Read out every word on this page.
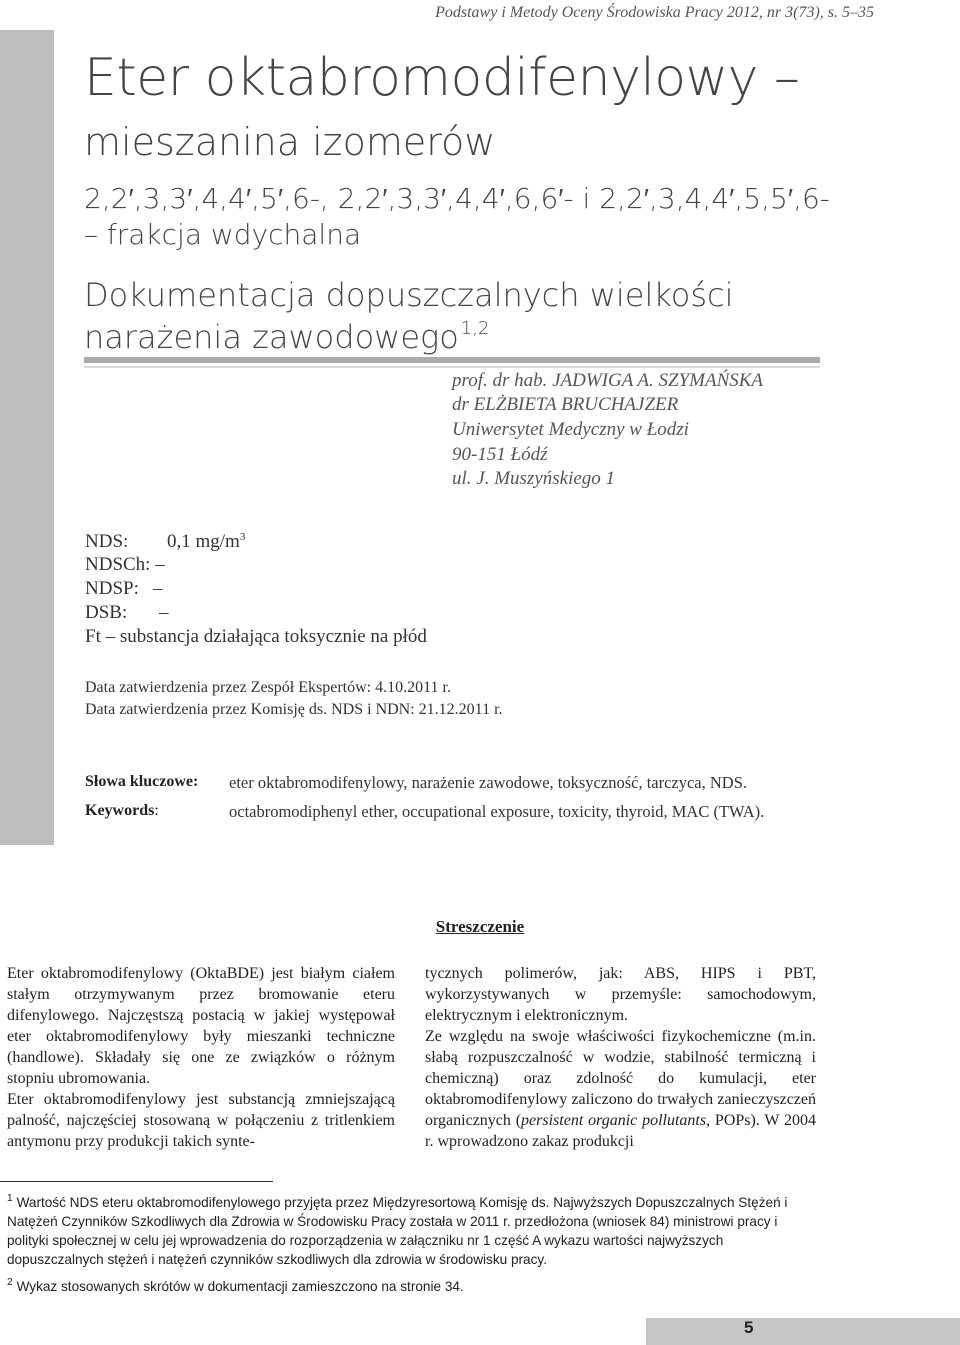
Podstawy i Metody Oceny Środowiska Pracy 2012, nr 3(73), s. 5–35
Eter oktabromodifenylowy –
mieszanina izomerów
2,2′,3,3′,4,4′,5′,6-, 2,2′,3,3′,4,4′,6,6′- i 2,2′,3,4,4′,5,5′,6-
– frakcja wdychalna
Dokumentacja dopuszczalnych wielkości
narażenia zawodowego $^{1,2}$
prof. dr hab. JADWIGA A. SZYMAŃSKA
dr ELŻBIETA BRUCHAJZER
Uniwersytet Medyczny w Łodzi
90-151 Łódź
ul. J. Muszyńskiego 1
NDS: 0,1 $mg/m^3$
NDSCh: –
NDSP: –
DSB: –
Ft – substancja działająca toksycznie na płód
Data zatwierdzenia przez Zespół Ekspertów: 4.10.2011 r.
Data zatwierdzenia przez Komisję ds. NDS i NDN: 21.12.2011 r.
Słowa kluczowe: eter oktabromodifenylowy, narażenie zawodowe, toksyczność, tarczyca, NDS.
Keywords:	octabromodiphenyl ether, occupational exposure, toxicity, thyroid, MAC (TWA).
Streszczenie

Eter oktabromodifenylowy (OktaBDE) jest białym ciałem stałym otrzymywanym przez bromowanie eteru difenylowego. Najczęstszą postacią w jakiej występował eter oktabromodifenylowy były mieszanki techniczne (handlowe). Składały się one ze związków o różnym stopniu ubromowania.

Eter oktabromodifenylowy jest substancją zmniejszającą palność, najczęściej stosowaną w połączeniu z tritlenkiem antymonu przy produkcji takich synte-

tycznych polimerów, jak: ABS, HIPS i PBT, wykorzystywanych w przemyśle: samochodowym, elektrycznym i elektronicznym.

Ze względu na swoje właściwości fizykochemiczne (m.in. słabą rozpuszczalność w wodzie, stabilność termiczną i chemiczną) oraz zdolność do kumulacji, eter oktabromodifenylowy zaliczono do trwałych zanieczyszczeń organicznych (persistent organic pollutants, POPs). W 2004 r. wprowadzono zakaz produkcji

$^1$ Wartość NDS eteru oktabromodifenylowego przyjęta przez Międzyresortową Komisję ds. Najwyższych Dopuszczalnych Stężeń i Natężeń Czynników Szkodliwych dla Zdrowia w Środowisku Pracy została w 2011 r. przedłożona (wniosek 84) ministrowi pracy i polityki społecznej w celu jej wprowadzenia do rozporządzenia w załączniku nr 1 część A wykazu wartości najwyższych dopuszczalnych stężeń i natężeń czynników szkodliwych dla zdrowia w środowisku pracy.
$^2$ Wykaz stosowanych skrótów w dokumentacji zamieszczono na stronie 34.
5
